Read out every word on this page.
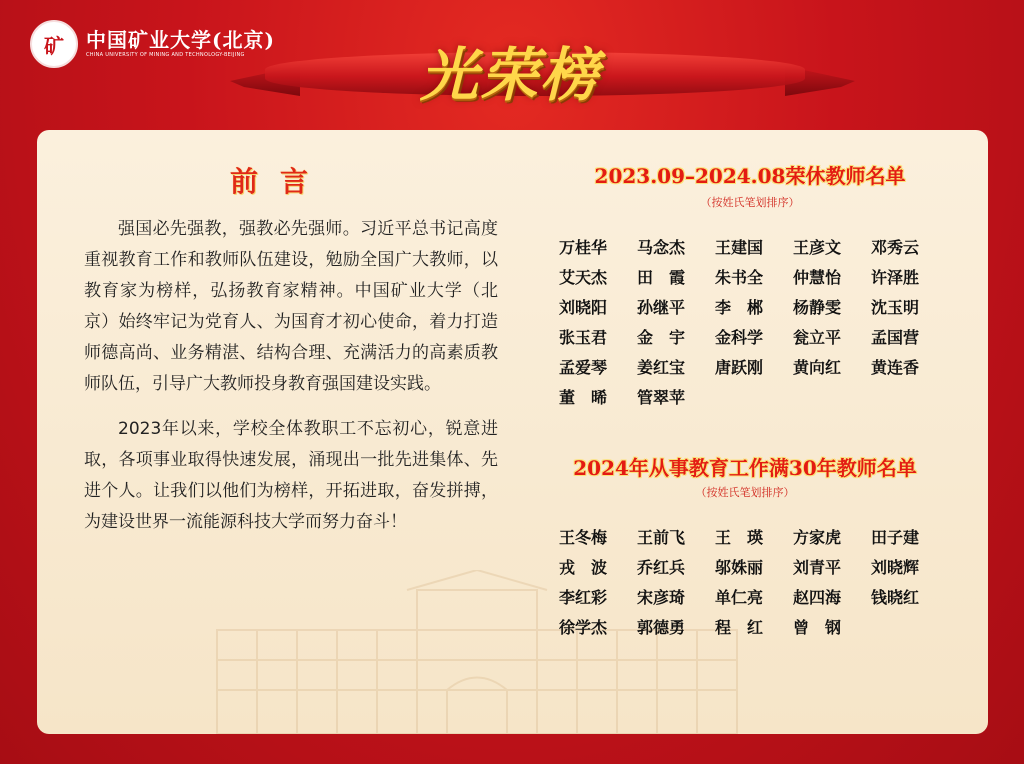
矿	中国矿业大学(北京)
CHINA UNIVERSITY OF MINING AND TECHNOLOGY-BEIJING	光荣榜
前言

强国必先强教，强教必先强师。习近平总书记高度重视教育工作和教师队伍建设，勉励全国广大教师，以教育家为榜样，弘扬教育家精神。中国矿业大学（北京）始终牢记为党育人、为国育才初心使命，着力打造师德高尚、业务精湛、结构合理、充满活力的高素质教师队伍，引导广大教师投身教育强国建设实践。

2023年以来，学校全体教职工不忘初心，锐意进取，各项事业取得快速发展，涌现出一批先进集体、先进个人。让我们以他们为榜样，开拓进取，奋发拼搏，为建设世界一流能源科技大学而努力奋斗！

2023.09–2024.08荣休教师名单
（按姓氏笔划排序）
万桂华	马念杰	王建国	王彦文	邓秀云
艾天杰	田　霞	朱书全	仲慧怡	许泽胜
刘晓阳	孙继平	李　郴	杨静雯	沈玉明
张玉君	金　宇	金科学	瓮立平	孟国营
孟爱琴	姜红宝	唐跃刚	黄向红	黄连香
董　晞	管翠苹
2024年从事教育工作满30年教师名单
（按姓氏笔划排序）
王冬梅	王前飞	王　瑛	方家虎	田子建
戎　波	乔红兵	邬姝丽	刘青平	刘晓辉
李红彩	宋彦琦	单仁亮	赵四海	钱晓红
徐学杰	郭德勇	程　红	曾　钢
